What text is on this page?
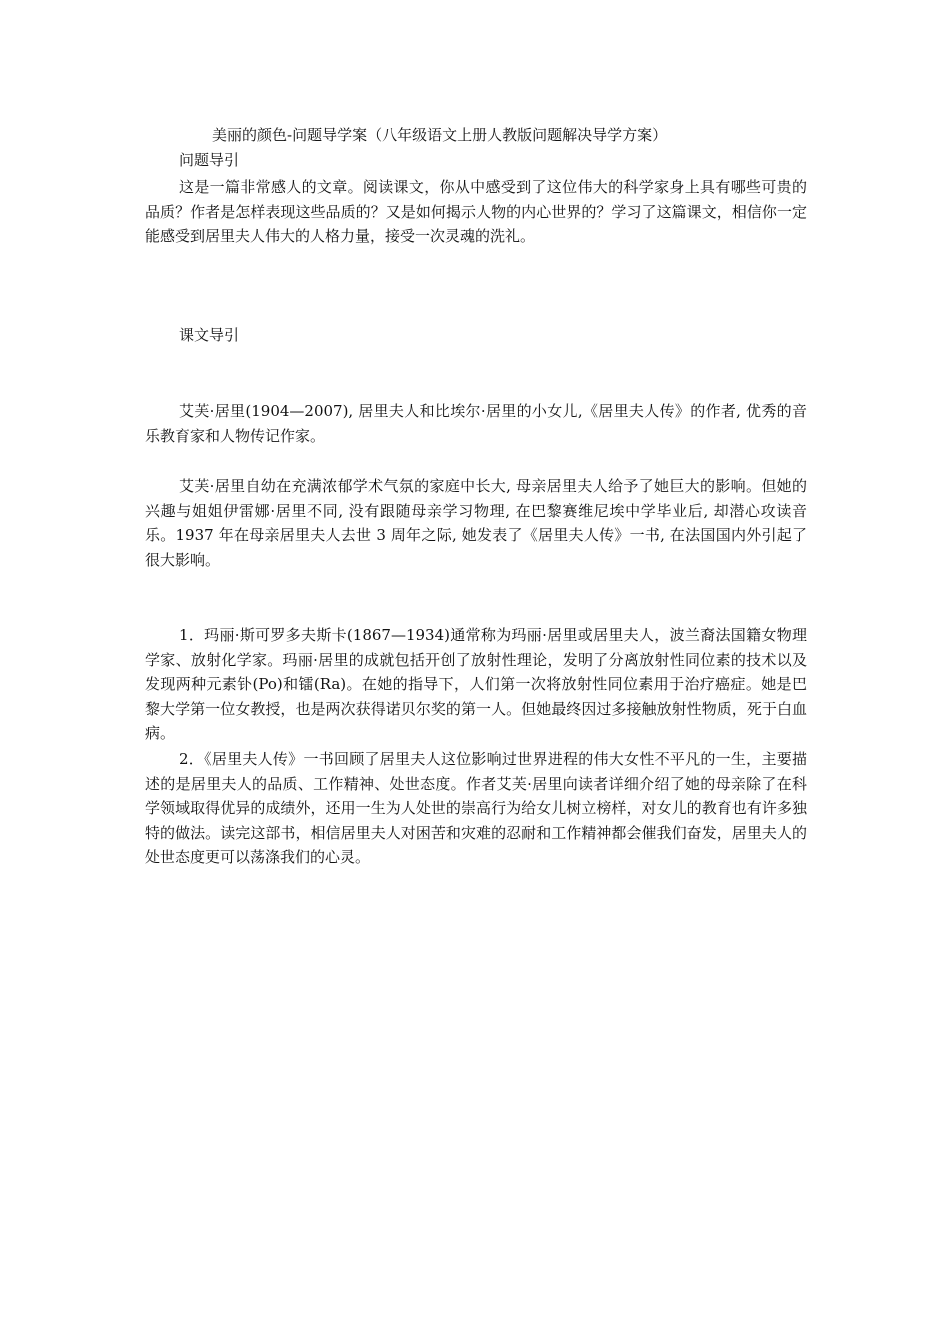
美丽的颜色-问题导学案（八年级语文上册人教版问题解决导学方案）

问题导引

这是一篇非常感人的文章。阅读课文，你从中感受到了这位伟大的科学家身上具有哪些可贵的品质？作者是怎样表现这些品质的？又是如何揭示人物的内心世界的？学习了这篇课文，相信你一定能感受到居里夫人伟大的人格力量，接受一次灵魂的洗礼。

课文导引

艾芙·居里(1904—2007), 居里夫人和比埃尔·居里的小女儿,《居里夫人传》的作者, 优秀的音乐教育家和人物传记作家。

艾芙·居里自幼在充满浓郁学术气氛的家庭中长大, 母亲居里夫人给予了她巨大的影响。但她的兴趣与姐姐伊雷娜·居里不同, 没有跟随母亲学习物理, 在巴黎赛维尼埃中学毕业后, 却潜心攻读音乐。1937 年在母亲居里夫人去世 3 周年之际, 她发表了《居里夫人传》一书, 在法国国内外引起了很大影响。

1．玛丽·斯可罗多夫斯卡(1867—1934)通常称为玛丽·居里或居里夫人，波兰裔法国籍女物理学家、放射化学家。玛丽·居里的成就包括开创了放射性理论，发明了分离放射性同位素的技术以及发现两种元素钋(Po)和镭(Ra)。在她的指导下，人们第一次将放射性同位素用于治疗癌症。她是巴黎大学第一位女教授，也是两次获得诺贝尔奖的第一人。但她最终因过多接触放射性物质，死于白血病。

2．《居里夫人传》一书回顾了居里夫人这位影响过世界进程的伟大女性不平凡的一生，主要描述的是居里夫人的品质、工作精神、处世态度。作者艾芙·居里向读者详细介绍了她的母亲除了在科学领域取得优异的成绩外，还用一生为人处世的崇高行为给女儿树立榜样，对女儿的教育也有许多独特的做法。读完这部书，相信居里夫人对困苦和灾难的忍耐和工作精神都会催我们奋发，居里夫人的处世态度更可以荡涤我们的心灵。
